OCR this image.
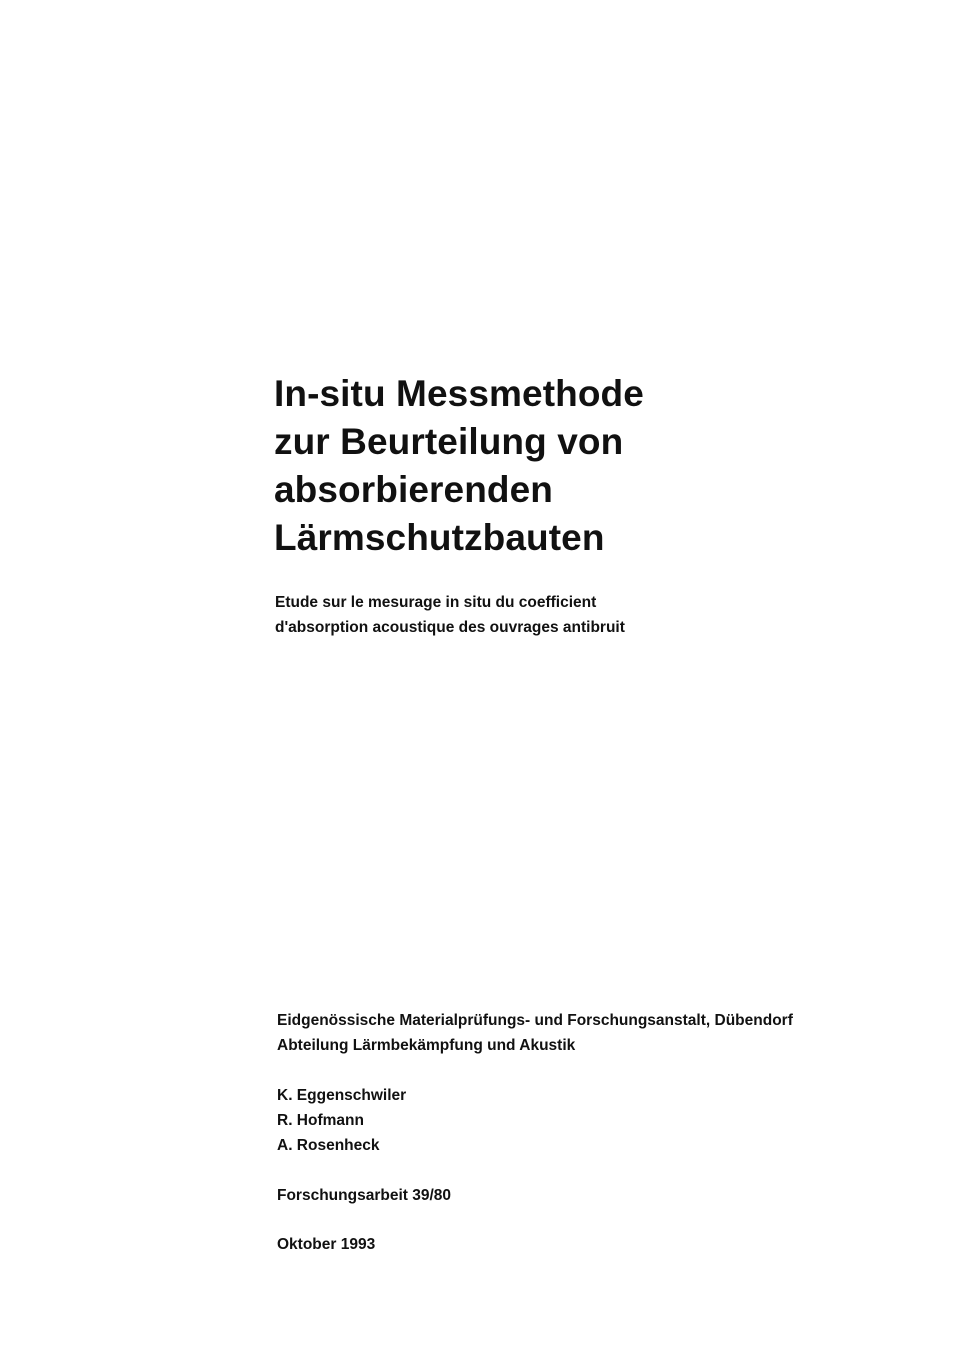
In-situ Messmethode
zur Beurteilung von
absorbierenden
Lärmschutzbauten

Etude sur le mesurage in situ du coefficient
d'absorption acoustique des ouvrages antibruit

Eidgenössische Materialprüfungs- und Forschungsanstalt, Dübendorf
Abteilung Lärmbekämpfung und Akustik

K. Eggenschwiler
R. Hofmann
A. Rosenheck
Forschungsarbeit 39/80
Oktober 1993
